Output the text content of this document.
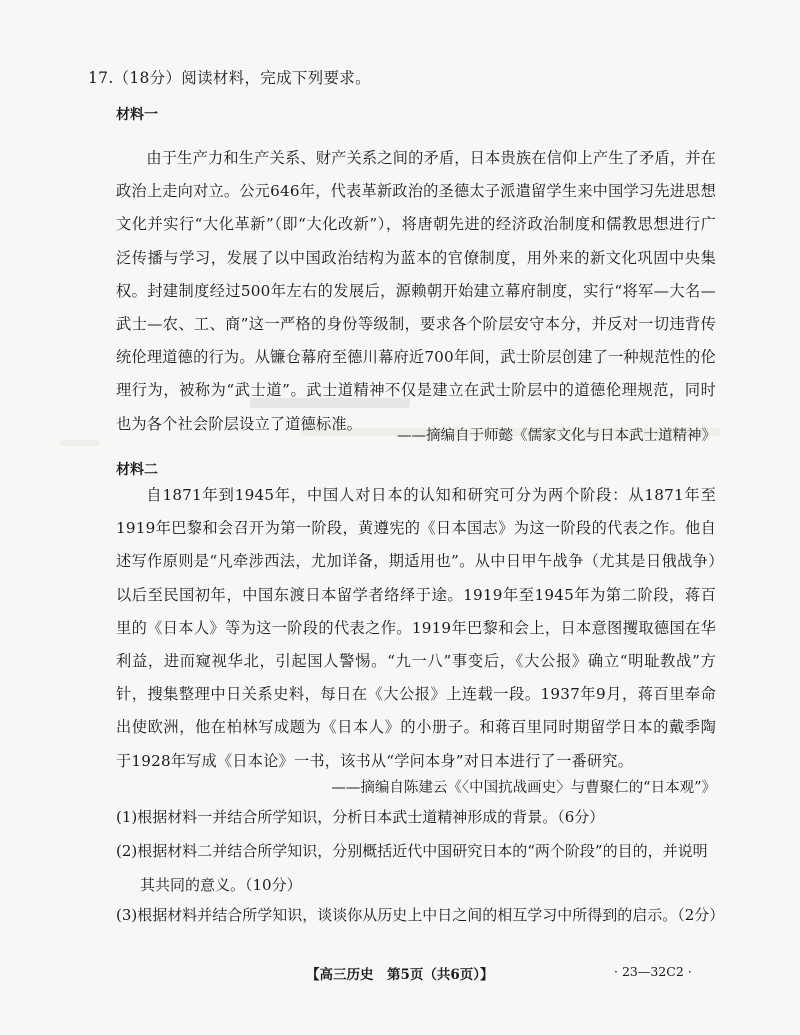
17.（18分）阅读材料，完成下列要求。
材料一
由于生产力和生产关系、财产关系之间的矛盾，日本贵族在信仰上产生了矛盾，并在政治上走向对立。公元646年，代表革新政治的圣德太子派遣留学生来中国学习先进思想文化并实行“大化革新”（即“大化改新”），将唐朝先进的经济政治制度和儒教思想进行广泛传播与学习，发展了以中国政治结构为蓝本的官僚制度，用外来的新文化巩固中央集权。封建制度经过500年左右的发展后，源赖朝开始建立幕府制度，实行“将军—大名—武士—农、工、商”这一严格的身份等级制，要求各个阶层安守本分，并反对一切违背传统伦理道德的行为。从镰仓幕府至德川幕府近700年间，武士阶层创建了一种规范性的伦理行为，被称为“武士道”。武士道精神不仅是建立在武士阶层中的道德伦理规范，同时也为各个社会阶层设立了道德标准。
——摘编自于师懿《儒家文化与日本武士道精神》
材料二
自1871年到1945年，中国人对日本的认知和研究可分为两个阶段：从1871年至1919年巴黎和会召开为第一阶段，黄遵宪的《日本国志》为这一阶段的代表之作。他自述写作原则是“凡牵涉西法，尤加详备，期适用也”。从中日甲午战争（尤其是日俄战争）以后至民国初年，中国东渡日本留学者络绎于途。1919年至1945年为第二阶段，蒋百里的《日本人》等为这一阶段的代表之作。1919年巴黎和会上，日本意图攫取德国在华利益，进而窥视华北，引起国人警惕。“九一八”事变后，《大公报》确立“明耻教战”方针，搜集整理中日关系史料，每日在《大公报》上连载一段。1937年9月，蒋百里奉命出使欧洲，他在柏林写成题为《日本人》的小册子。和蒋百里同时期留学日本的戴季陶于1928年写成《日本论》一书，该书从“学问本身”对日本进行了一番研究。
——摘编自陈建云《〈中国抗战画史〉与曹聚仁的“日本观”》
(1)根据材料一并结合所学知识，分析日本武士道精神形成的背景。（6分）
(2)根据材料二并结合所学知识，分别概括近代中国研究日本的“两个阶段”的目的，并说明
其共同的意义。（10分）
(3)根据材料并结合所学知识，谈谈你从历史上中日之间的相互学习中所得到的启示。（2分）
【高三历史　第5页（共6页）】	· 23—32C2 ·
